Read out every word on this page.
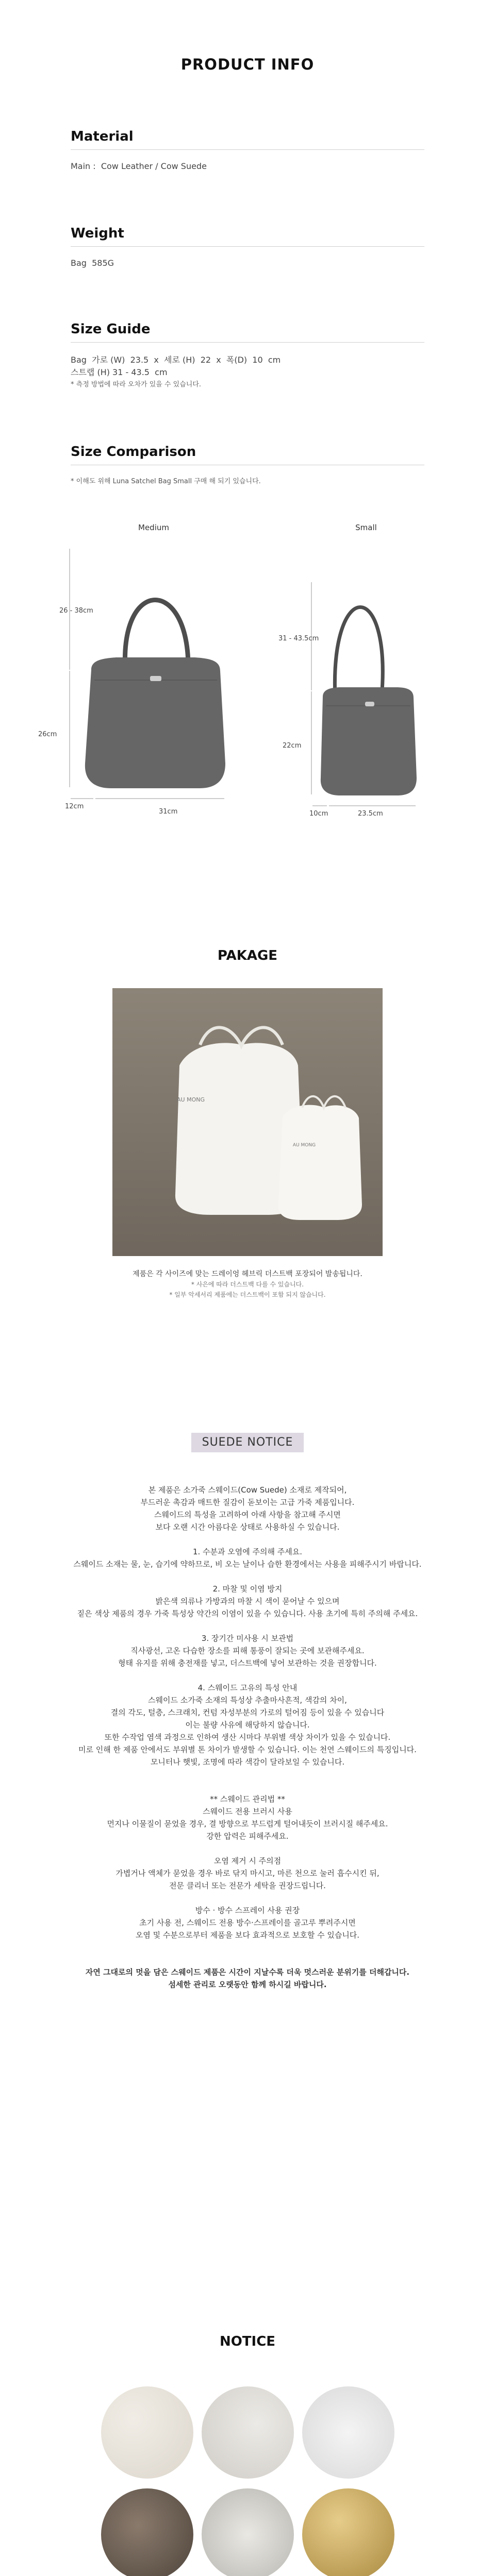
PRODUCT INFO
Material
Main :  Cow Leather / Cow Suede
Weight
Bag  585G
Size Guide
Bag  가로 (W)  23.5  x  세로 (H)  22  x  폭(D)  10  cm
스트랩 (H) 31 - 43.5  cm
* 측정 방법에 따라 오차가 있을 수 있습니다.
Size Comparison
* 이해도 위해 Luna Satchel Bag Small 구매 해 되기 있습니다.
Medium	Small
26 - 38cm
26cm
12cm
31cm
31 - 43.5cm
22cm
10cm	23.5cm
PAKAGE
AU MONG
AU MONG
제품은 각 사이즈에 맞는 드레이엉 헤브릭 더스트백 포장되어 발송됩니다.
* 사은에 따라 더스트백 다를 수 있습니다.
* 일부 악세서리 제품에는 더스트백이 포함 되지 않습니다.
SUEDE NOTICE

본 제품은 소가죽 스웨이드(Cow Suede) 소재로 제작되어,

부드러운 촉감과 매트한 질감이 돋보이는 고급 가죽 제품입니다.

스웨이드의 특성을 고려하여 아래 사항을 참고해 주시면

보다 오랜 시간 아름다운 상태로 사용하실 수 있습니다.

1. 수분과 오염에 주의해 주세요.

스웨이드 소재는 물, 눈, 습기에 약하므로, 비 오는 날이나 습한 환경에서는 사용을 피해주시기 바랍니다.

2. 마찰 및 이염 방지

밝은색 의류나 가방과의 마찰 시 색이 묻어날 수 있으며

짙은 색상 제품의 경우 가죽 특성상 약간의 이염이 있을 수 있습니다. 사용 초기에 특히 주의해 주세요.

3. 장기간 미사용 시 보관법

직사광선, 고온 다습한 장소를 피해 통풍이 잘되는 곳에 보관해주세요.

형태 유지를 위해 충전재를 넣고, 더스트백에 넣어 보관하는 것을 권장합니다.

4. 스웨이드 고유의 특성 안내

스웨이드 소가죽 소재의 특성상 추출마사흔적, 색감의 차이,

결의 각도, 털층, 스크래치, 컨텀 자성부분의 가로의 털어짐 등이 있을 수 있습니다

이는 불량 사유에 해당하지 않습니다.

또한 수작업 염색 과정으로 인하여 생산 시마다 부위별 색상 차이가 있을 수 있습니다.

미로 인해 한 제품 안에서도 부위별 톤 차이가 발생할 수 있습니다. 이는 천연 스웨이드의 특징입니다.

모니터나 햇빛, 조명에 따라 색감이 달라보일 수 있습니다.

** 스웨이드 관리법 **

스웨이드 전용 브러시 사용

먼지나 이물질이 묻었을 경우, 결 방향으로 부드럽게 털어내듯이 브러시질 해주세요.

강한 압력은 피해주세요.

오염 제거 시 주의점

가볍거나 액체가 묻었을 경우 바로 닦지 마시고, 마른 천으로 눌러 흡수시킨 뒤,

전문 클리너 또는 전문가 세탁을 권장드립니다.

방수 · 방수 스프레이 사용 권장

초기 사용 전, 스웨이드 전용 방수·스프레이를 골고루 뿌려주시면

오염 및 수분으로부터 제품을 보다 효과적으로 보호할 수 있습니다.

자연 그대로의 멋을 담은 스웨이드 제품은 시간이 지날수록 더욱 멋스러운 분위기를 더해갑니다.

섬세한 관리로 오랫동안 함께 하시길 바랍니다.

NOTICE
